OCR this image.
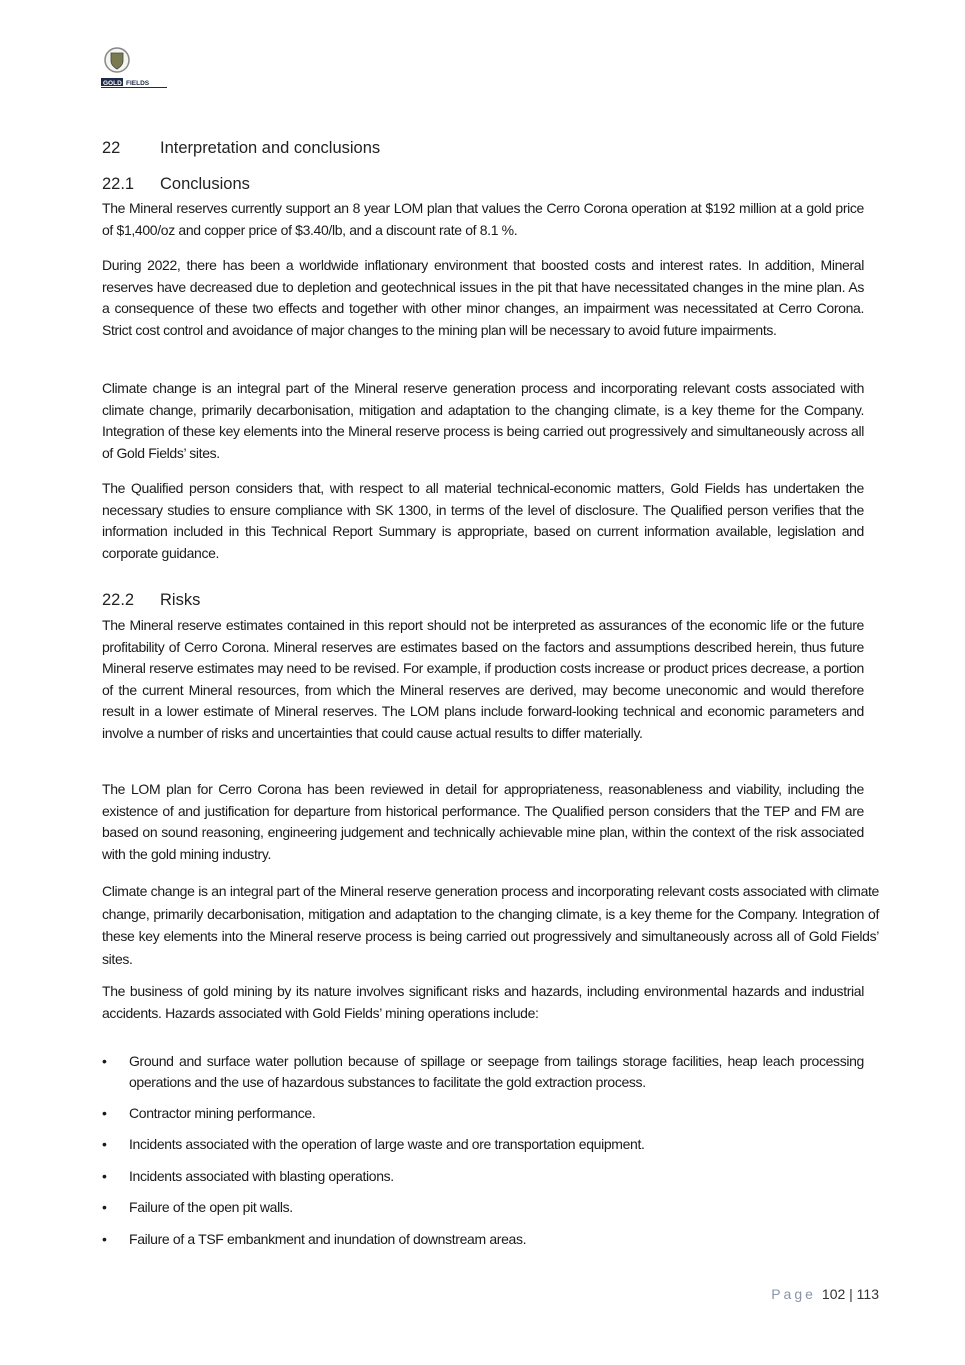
GOLD FIELDS
22 Interpretation and conclusions
22.1 Conclusions

The Mineral reserves currently support an 8 year LOM plan that values the Cerro Corona operation at $192 million at a gold price of $1,400/oz and copper price of $3.40/lb, and a discount rate of 8.1 %.

During 2022, there has been a worldwide inflationary environment that boosted costs and interest rates. In addition, Mineral reserves have decreased due to depletion and geotechnical issues in the pit that have necessitated changes in the mine plan. As a consequence of these two effects and together with other minor changes, an impairment was necessitated at Cerro Corona. Strict cost control and avoidance of major changes to the mining plan will be necessary to avoid future impairments.

Climate change is an integral part of the Mineral reserve generation process and incorporating relevant costs associated with climate change, primarily decarbonisation, mitigation and adaptation to the changing climate, is a key theme for the Company. Integration of these key elements into the Mineral reserve process is being carried out progressively and simultaneously across all of Gold Fields’ sites.

The Qualified person considers that, with respect to all material technical-economic matters, Gold Fields has undertaken the necessary studies to ensure compliance with SK 1300, in terms of the level of disclosure. The Qualified person verifies that the information included in this Technical Report Summary is appropriate, based on current information available, legislation and corporate guidance.

22.2 Risks

The Mineral reserve estimates contained in this report should not be interpreted as assurances of the economic life or the future profitability of Cerro Corona. Mineral reserves are estimates based on the factors and assumptions described herein, thus future Mineral reserve estimates may need to be revised. For example, if production costs increase or product prices decrease, a portion of the current Mineral resources, from which the Mineral reserves are derived, may become uneconomic and would therefore result in a lower estimate of Mineral reserves. The LOM plans include forward-looking technical and economic parameters and involve a number of risks and uncertainties that could cause actual results to differ materially.

The LOM plan for Cerro Corona has been reviewed in detail for appropriateness, reasonableness and viability, including the existence of and justification for departure from historical performance. The Qualified person considers that the TEP and FM are based on sound reasoning, engineering judgement and technically achievable mine plan, within the context of the risk associated with the gold mining industry.

Climate change is an integral part of the Mineral reserve generation process and incorporating relevant costs associated with climate change, primarily decarbonisation, mitigation and adaptation to the changing climate, is a key theme for the Company. Integration of these key elements into the Mineral reserve process is being carried out progressively and simultaneously across all of Gold Fields’ sites.

The business of gold mining by its nature involves significant risks and hazards, including environmental hazards and industrial accidents. Hazards associated with Gold Fields’ mining operations include:

• Ground and surface water pollution because of spillage or seepage from tailings storage facilities, heap leach processing operations and the use of hazardous substances to facilitate the gold extraction process.
• Contractor mining performance.
• Incidents associated with the operation of large waste and ore transportation equipment.
• Incidents associated with blasting operations.
• Failure of the open pit walls.
• Failure of a TSF embankment and inundation of downstream areas.
Page 102 | 113
